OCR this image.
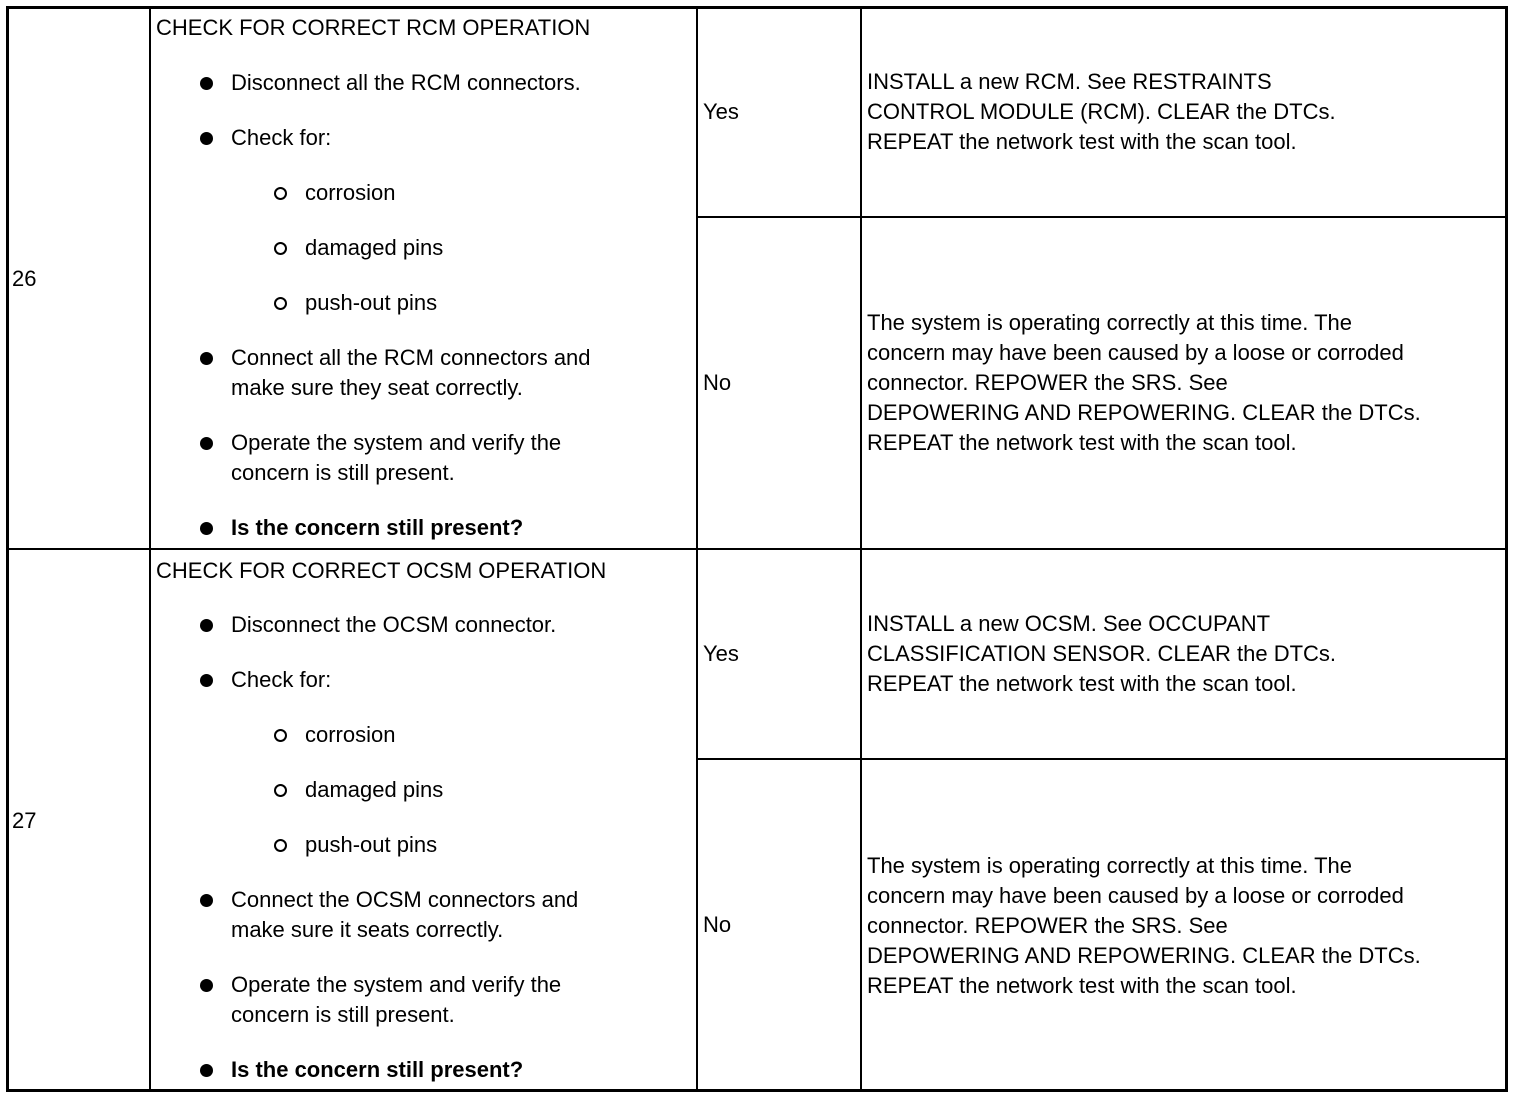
26
CHECK FOR CORRECT RCM OPERATION
Disconnect all the RCM connectors.
Check for:
corrosion
damaged pins
push-out pins
Connect all the RCM connectors and
make sure they seat correctly.
Operate the system and verify the
concern is still present.
Is the concern still present?
Yes
INSTALL a new RCM. See RESTRAINTS
CONTROL MODULE (RCM). CLEAR the DTCs.
REPEAT the network test with the scan tool.
No
The system is operating correctly at this time. The
concern may have been caused by a loose or corroded
connector. REPOWER the SRS. See
DEPOWERING AND REPOWERING. CLEAR the DTCs.
REPEAT the network test with the scan tool.
27
CHECK FOR CORRECT OCSM OPERATION
Disconnect the OCSM connector.
Check for:
corrosion
damaged pins
push-out pins
Connect the OCSM connectors and
make sure it seats correctly.
Operate the system and verify the
concern is still present.
Is the concern still present?
Yes
INSTALL a new OCSM. See OCCUPANT
CLASSIFICATION SENSOR. CLEAR the DTCs.
REPEAT the network test with the scan tool.
No
The system is operating correctly at this time. The
concern may have been caused by a loose or corroded
connector. REPOWER the SRS. See
DEPOWERING AND REPOWERING. CLEAR the DTCs.
REPEAT the network test with the scan tool.
